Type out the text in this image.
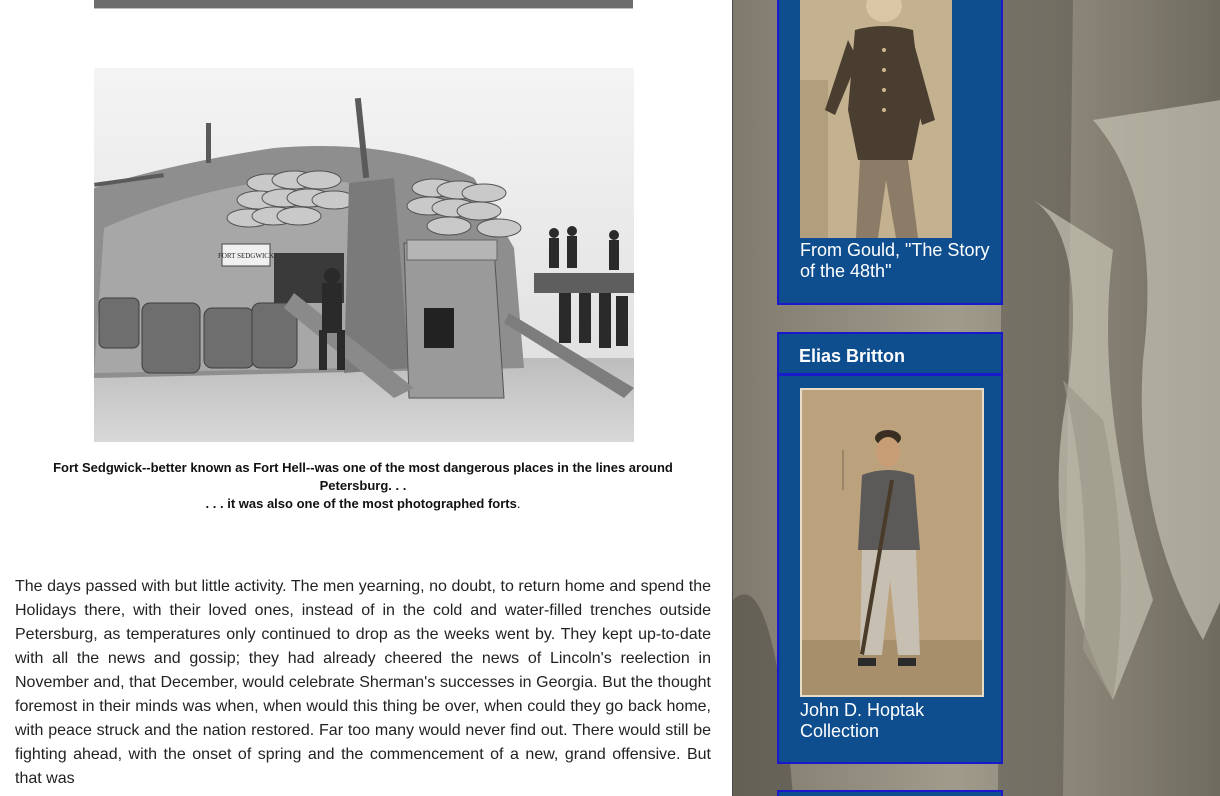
FORT SEDGWICK
Fort Sedgwick--better known as Fort Hell--was one of the most dangerous places in the lines around Petersburg. . .
. . . it was also one of the most photographed forts.
The days passed with but little activity. The men yearning, no doubt, to return home and spend the Holidays there, with their loved ones, instead of in the cold and water-filled trenches outside Petersburg, as temperatures only continued to drop as the weeks went by. They kept up-to-date with all the news and gossip; they had already cheered the news of Lincoln's reelection in November and, that December, would celebrate Sherman's successes in Georgia. But the thought foremost in their minds was when, when would this thing be over, when could they go back home, with peace struck and the nation restored. Far too many would never find out. There would still be fighting ahead, with the onset of spring and the commencement of a new, grand offensive. But that was
From Gould, "The Story of the 48th"
Elias Britton
John D. Hoptak Collection
